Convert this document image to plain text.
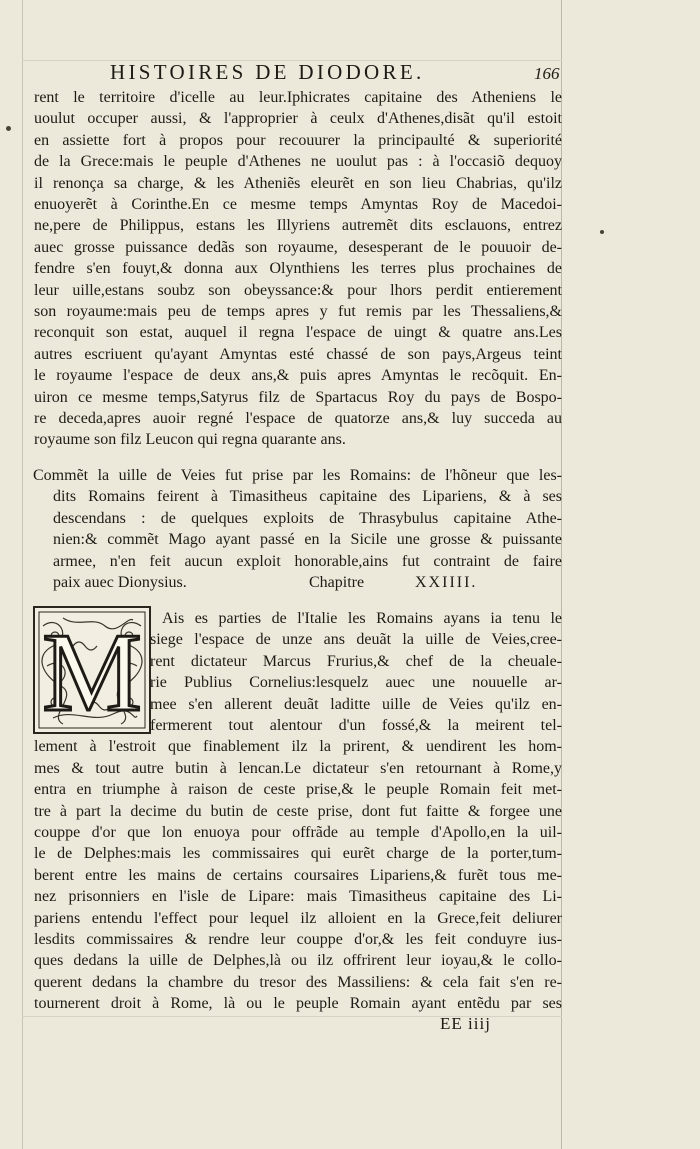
HISTOIRES DE DIODORE.	166
rent le territoire d'icelle au leur.Iphicrates capitaine des Atheniens le
uoulut occuper aussi, & l'approprier à ceulx d'Athenes,disãt qu'il estoit
en assiette fort à propos pour recouurer la principaulté & superiorité
de la Grece:mais le peuple d'Athenes ne uoulut pas : à l'occasiõ dequoy
il renonça sa charge, & les Atheniẽs eleurẽt en son lieu Chabrias, qu'ilz
enuoyerẽt à Corinthe.En ce mesme temps Amyntas Roy de Macedoi-
ne,pere de Philippus, estans les Illyriens autremẽt dits esclauons, entrez
auec grosse puissance dedãs son royaume, desesperant de le pouuoir de-
fendre s'en fouyt,& donna aux Olynthiens les terres plus prochaines de
leur uille,estans soubz son obeyssance:& pour lhors perdit entierement
son royaume:mais peu de temps apres y fut remis par les Thessaliens,&
reconquit son estat, auquel il regna l'espace de uingt & quatre ans.Les
autres escriuent qu'ayant Amyntas esté chassé de son pays,Argeus teint
le royaume l'espace de deux ans,& puis apres Amyntas le recõquit. En-
uiron ce mesme temps,Satyrus filz de Spartacus Roy du pays de Bospo-
re deceda,apres auoir regné l'espace de quatorze ans,& luy succeda au
royaume son filz Leucon qui regna quarante ans.
Commẽt la uille de Veies fut prise par les Romains: de l'hõneur que les-
dits Romains feirent à Timasitheus capitaine des Lipariens, & à ses
descendans : de quelques exploits de Thrasybulus capitaine Athe-
nien:& commẽt Mago ayant passé en la Sicile une grosse & puissante
armee, n'en feit aucun exploit honorable,ains fut contraint de faire
paix auec Dionysius.	Chapitre	XXIIII.
Ais es parties de l'Italie les Romains ayans ia tenu le
siege l'espace de unze ans deuãt la uille de Veies,cree-
rent dictateur Marcus Frurius,& chef de la cheuale-
rie Publius Cornelius:lesquelz auec une nouuelle ar-
mee s'en allerent deuãt laditte uille de Veies qu'ilz en-
fermerent tout alentour d'un fossé,& la meirent tel-
lement à l'estroit que finablement ilz la prirent, & uendirent les hom-
mes & tout autre butin à lencan.Le dictateur s'en retournant à Rome,y
entra en triumphe à raison de ceste prise,& le peuple Romain feit met-
tre à part la decime du butin de ceste prise, dont fut faitte & forgee une
couppe d'or que lon enuoya pour offrãde au temple d'Apollo,en la uil-
le de Delphes:mais les commissaires qui eurẽt charge de la porter,tum-
berent entre les mains de certains coursaires Lipariens,& furẽt tous me-
nez prisonniers en l'isle de Lipare: mais Timasitheus capitaine des Li-
pariens entendu l'effect pour lequel ilz alloient en la Grece,feit deliurer
lesdits commissaires & rendre leur couppe d'or,& les feit conduyre ius-
ques dedans la uille de Delphes,là ou ilz offrirent leur ioyau,& le collo-
querent dedans la chambre du tresor des Massiliens: & cela fait s'en re-
tournerent droit à Rome, là ou le peuple Romain ayant entẽdu par ses
M
EE iiij
